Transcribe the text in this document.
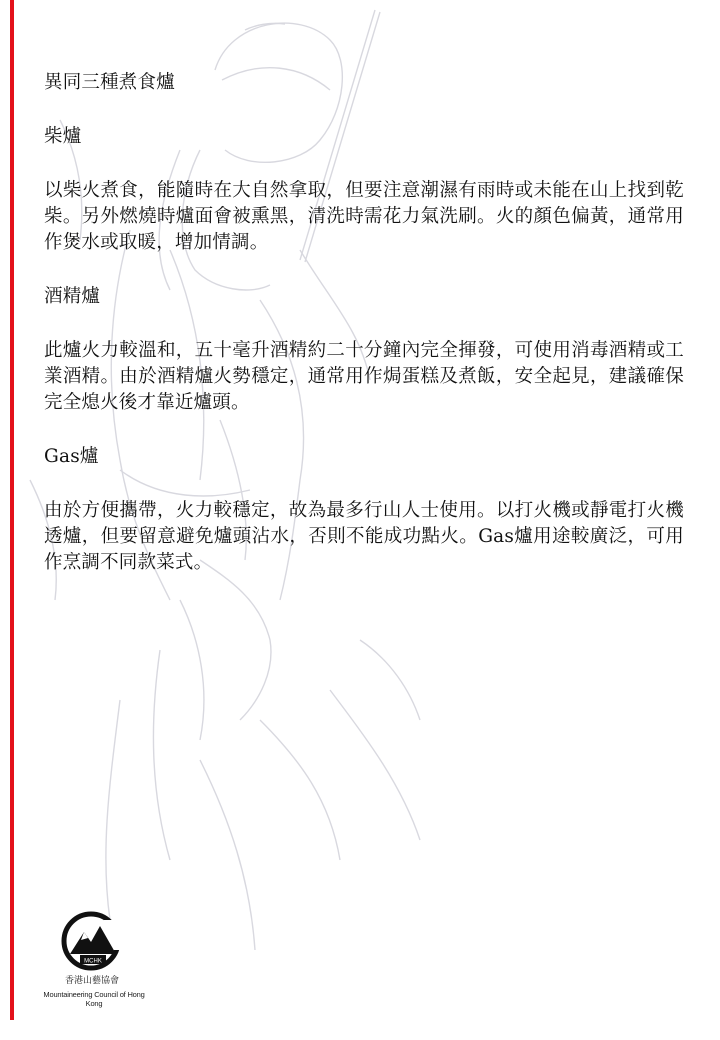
異同三種煮食爐
柴爐

以柴火煮食，能隨時在大自然拿取，但要注意潮濕有雨時或未能在山上找到乾柴。另外燃燒時爐面會被熏黑，清洗時需花力氣洗刷。火的顏色偏黃，通常用作煲水或取暖，增加情調。

酒精爐

此爐火力較溫和，五十毫升酒精約二十分鐘內完全揮發，可使用消毒酒精或工業酒精。由於酒精爐火勢穩定，通常用作焗蛋糕及煮飯，安全起見，建議確保完全熄火後才靠近爐頭。

Gas爐

由於方便攜帶，火力較穩定，故為最多行山人士使用。以打火機或靜電打火機透爐，但要留意避免爐頭沾水，否則不能成功點火。Gas爐用途較廣泛，可用作烹調不同款菜式。

MCHK
香港山藝協會
Mountaineering Council of Hong Kong
